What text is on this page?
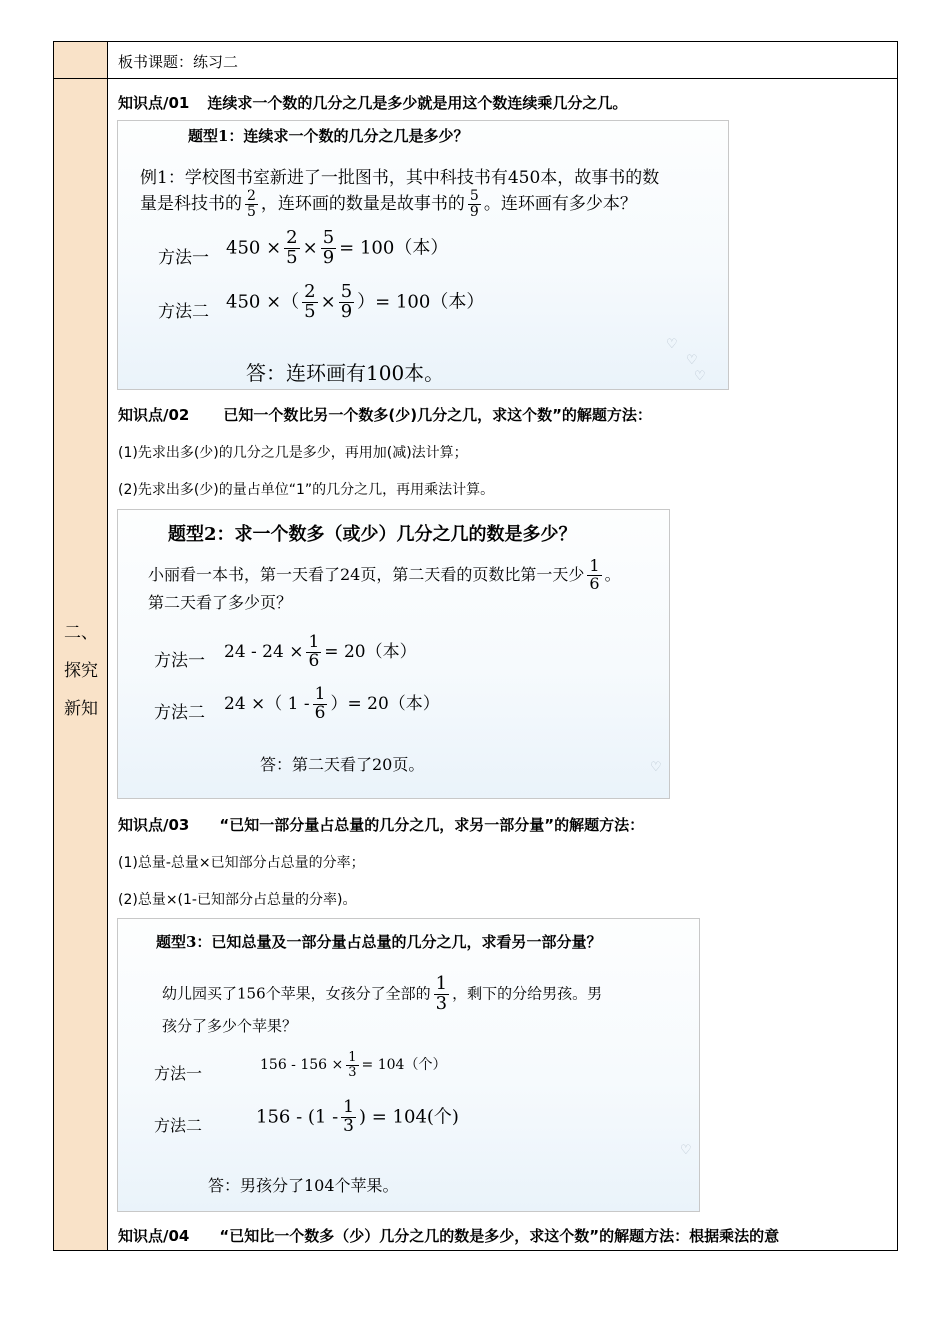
二、
探究
新知
板书课题：练习二
知识点/01 连续求一个数的几分之几是多少就是用这个数连续乘几分之几。
题型1：连续求一个数的几分之几是多少？
例1：学校图书室新进了一批图书，其中科技书有450本，故事书的数
量是科技书的 $\frac{2}{5}$ ，连环画的数量是故事书的 $\frac{5}{9}$ 。连环画有多少本？
方法一 $450 \times \frac{2}{5} \times \frac{5}{9} = 100$（本）
方法二 450 ×（ $\frac{2}{5} \times \frac{5}{9}$ ）= 100（本）
答：连环画有100本。
♡
♡
♡
知识点/02 已知一个数比另一个数多(少)几分之几，求这个数”的解题方法：
(1)先求出多(少)的几分之几是多少，再用加(减)法计算；
(2)先求出多(少)的量占单位“1”的几分之几，再用乘法计算。
题型2：求一个数多（或少）几分之几的数是多少？
小丽看一本书，第一天看了24页，第二天看的页数比第一天少 $\frac{1}{6}$ 。
第二天看了多少页？
方法一 $24 - 24 \times \frac{1}{6} = 20$（本）
方法二 24 ×（ $1 - \frac{1}{6}$ ）= 20（本）
答：第二天看了20页。	♡
知识点/03 “已知一部分量占总量的几分之几，求另一部分量”的解题方法：
(1)总量-总量×已知部分占总量的分率；
(2)总量×(1-已知部分占总量的分率)。
题型3：已知总量及一部分量占总量的几分之几，求看另一部分量？
幼儿园买了156个苹果，女孩分了全部的 $\frac{1}{3}$ ，剩下的分给男孩。男
孩分了多少个苹果？
方法一	$156 - 156 \times \frac{1}{3} = 104$（个）
方法二	$156 - (1 - \frac{1}{3}$ ) = 104(个)
答：男孩分了104个苹果。
♡
知识点/04 “已知比一个数多（少）几分之几的数是多少，求这个数”的解题方法：根据乘法的意
